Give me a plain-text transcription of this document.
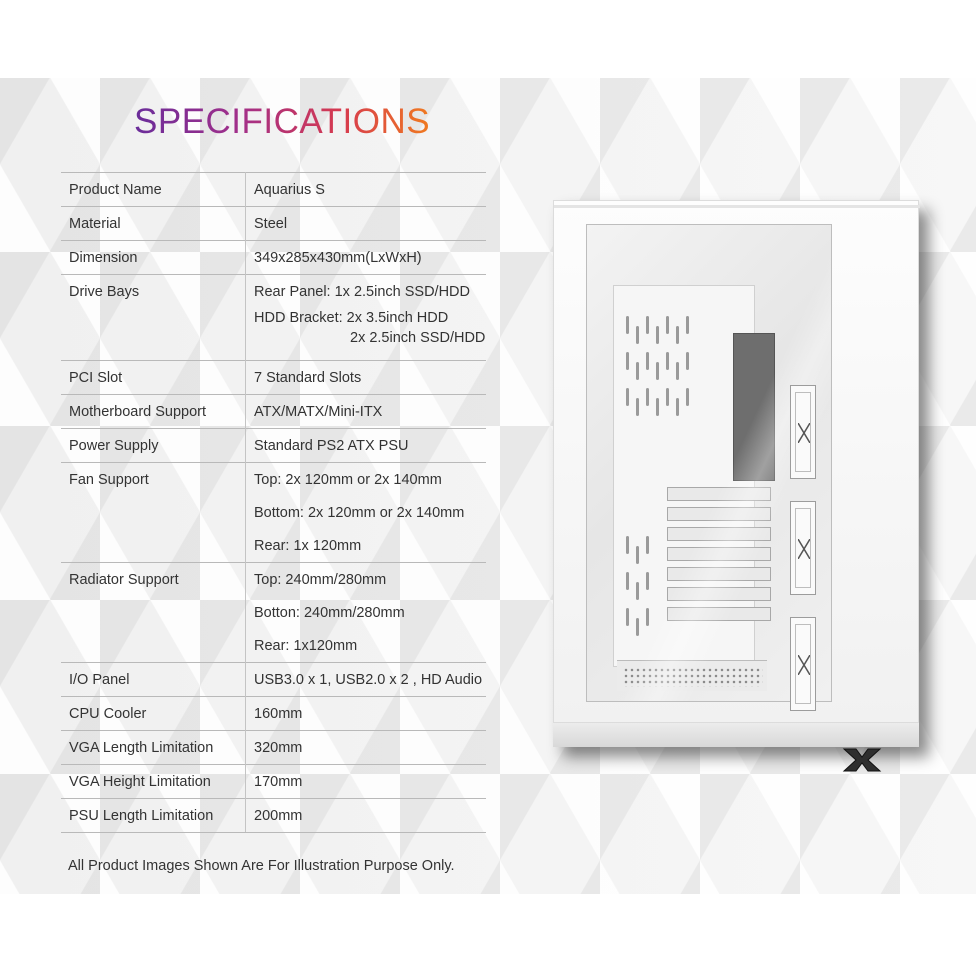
SPECIFICATIONS
Product Name	Aquarius S

Material	Steel

Dimension	349x285x430mm(LxWxH)

Drive Bays	Rear Panel: 1x 2.5inch SSD/HDD
HDD Bracket: 2x 3.5inch HDD
2x 2.5inch SSD/HDD

PCI Slot	7 Standard Slots

Motherboard Support	ATX/MATX/Mini-ITX

Power Supply	Standard PS2 ATX PSU

Fan Support	Top: 2x 120mm or 2x 140mm
Bottom: 2x 120mm or 2x 140mm
Rear: 1x 120mm

Radiator Support	Top: 240mm/280mm
Botton: 240mm/280mm
Rear: 1x120mm

I/O Panel	USB3.0 x 1, USB2.0 x 2 , HD Audio

CPU Cooler	160mm

VGA Length Limitation	320mm

VGA Height Limitation	170mm

PSU Length Limitation	200mm
All Product Images Shown Are For Illustration Purpose Only.
